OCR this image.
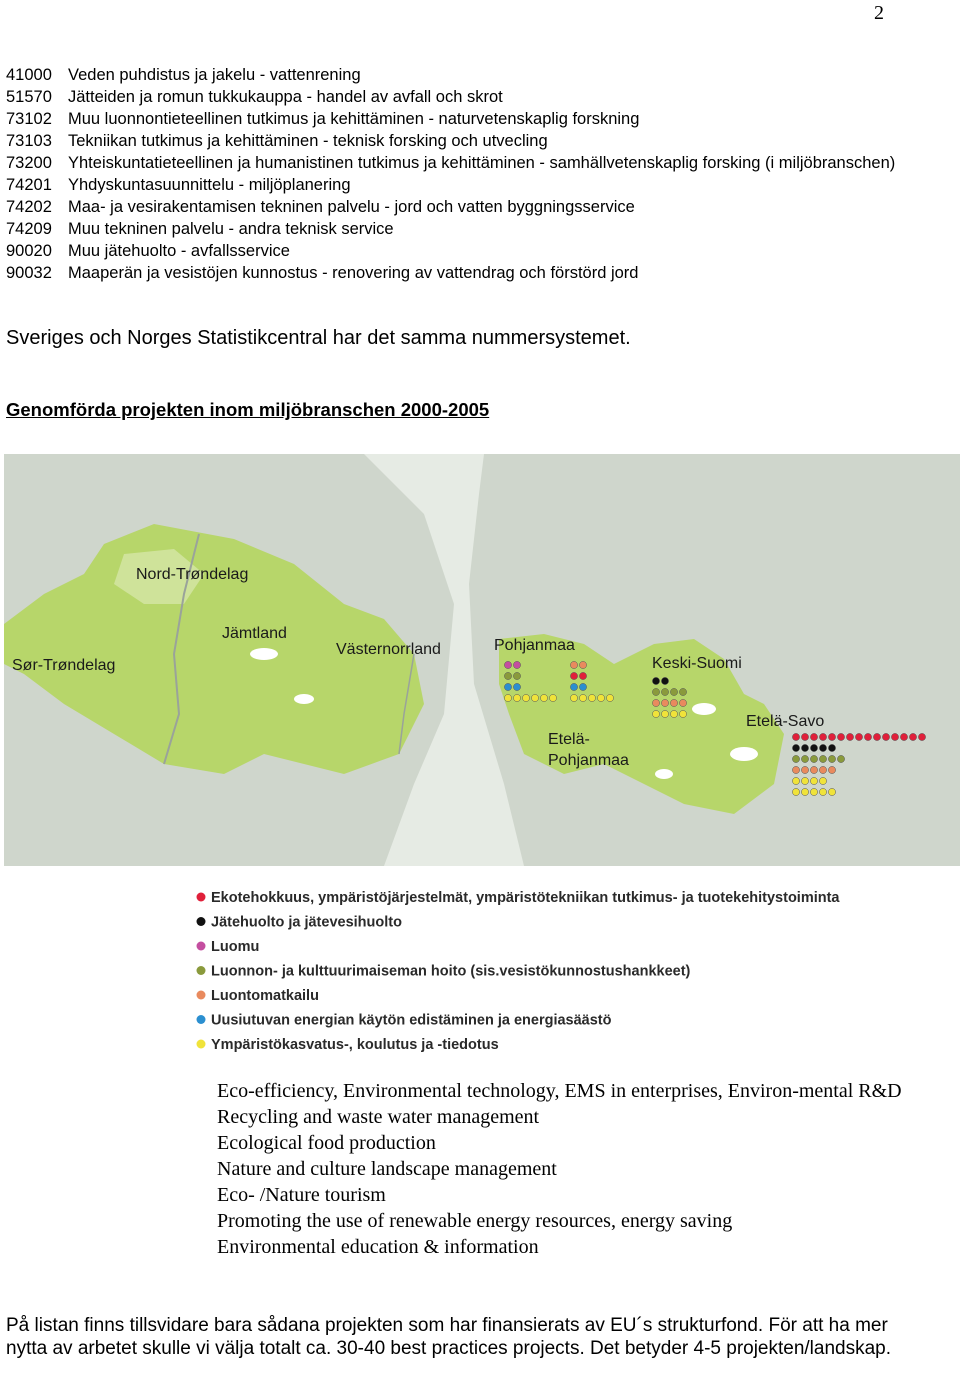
2
41000 Veden puhdistus ja jakelu - vattenrening
51570 Jätteiden ja romun tukkukauppa - handel av avfall och skrot
73102 Muu luonnontieteellinen tutkimus ja kehittäminen - naturvetenskaplig forskning
73103 Tekniikan tutkimus ja kehittäminen - teknisk forsking och utvecling
73200 Yhteiskuntatieteellinen ja humanistinen tutkimus ja kehittäminen - samhällvetenskaplig forsking (i miljöbranschen)
74201 Yhdyskuntasuunnittelu - miljöplanering
74202 Maa- ja vesirakentamisen tekninen palvelu - jord och vatten byggningsservice
74209 Muu tekninen palvelu - andra teknisk service
90020 Muu jätehuolto - avfallsservice
90032 Maaperän ja vesistöjen kunnostus - renovering av vattendrag och förstörd jord
Sveriges och Norges Statistikcentral har det samma nummersystemet.
Genomförda projekten inom miljöbranschen 2000-2005
Nord-Trøndelag
Jämtland
Sør-Trøndelag
Västernorrland	Pohjanmaa
Keski-Suomi
Etelä-
Pohjanmaa
Etelä-Savo
Ekotehokkuus, ympäristöjärjestelmät, ympäristötekniikan tutkimus- ja tuotekehitystoiminta
Jätehuolto ja jätevesihuolto
Luomu
Luonnon- ja kulttuurimaiseman hoito (sis.vesistökunnostushankkeet)
Luontomatkailu
Uusiutuvan energian käytön edistäminen ja energiasäästö
Ympäristökasvatus-, koulutus ja -tiedotus
Eco-efficiency, Environmental technology, EMS in enterprises, Environ-mental R&D
Recycling and waste water management
Ecological food production
Nature and culture landscape management
Eco- /Nature tourism
Promoting the use of renewable energy resources, energy saving
Environmental education & information
På listan finns tillsvidare bara sådana projekten som har finansierats av EU´s strukturfond. För att ha mer nytta av arbetet skulle vi välja totalt ca. 30-40 best practices projects. Det betyder 4-5 projekten/landskap.
